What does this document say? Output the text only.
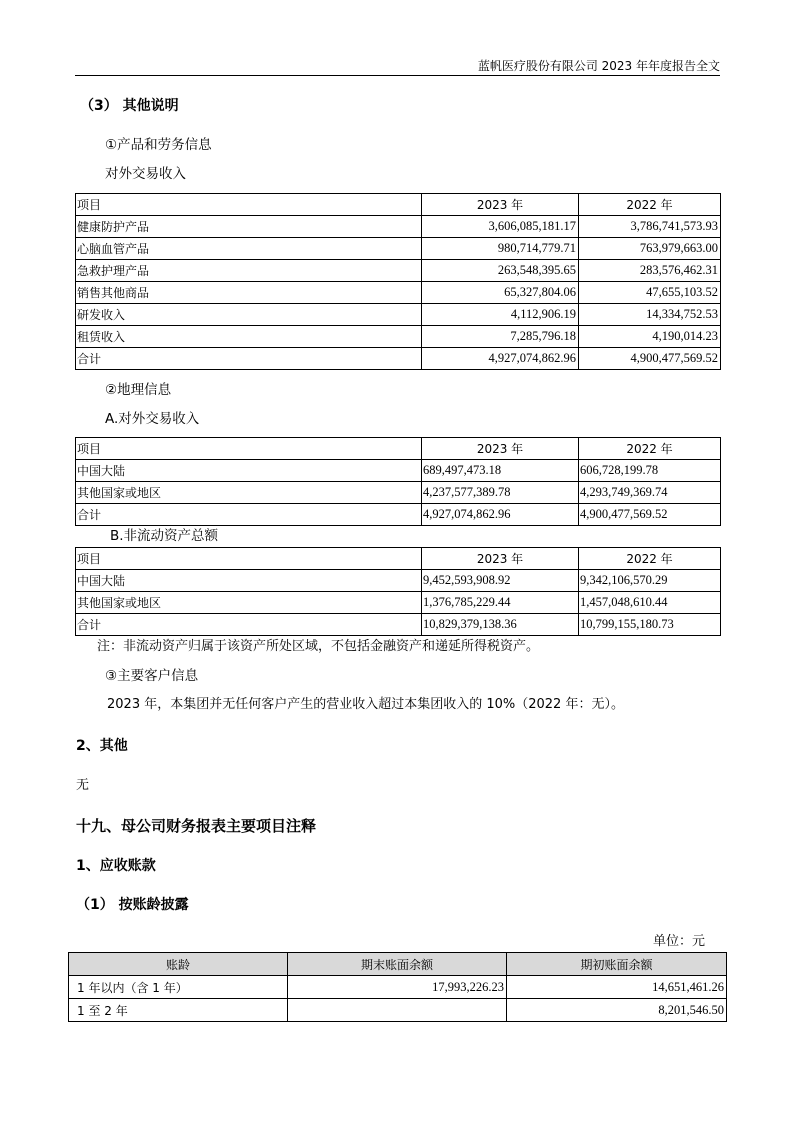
蓝帆医疗股份有限公司 2023 年年度报告全文
（3） 其他说明
①产品和劳务信息
对外交易收入
项目	2023 年	2022 年
健康防护产品	3,606,085,181.17	3,786,741,573.93
心脑血管产品	980,714,779.71	763,979,663.00
急救护理产品	263,548,395.65	283,576,462.31
销售其他商品	65,327,804.06	47,655,103.52
研发收入	4,112,906.19	14,334,752.53
租赁收入	7,285,796.18	4,190,014.23
合计	4,927,074,862.96	4,900,477,569.52
②地理信息
A.对外交易收入
项目	2023 年	2022 年
中国大陆	689,497,473.18	606,728,199.78
其他国家或地区	4,237,577,389.78	4,293,749,369.74
合计	4,927,074,862.96	4,900,477,569.52
B.非流动资产总额
项目	2023 年	2022 年
中国大陆	9,452,593,908.92	9,342,106,570.29
其他国家或地区	1,376,785,229.44	1,457,048,610.44
合计	10,829,379,138.36	10,799,155,180.73
注：非流动资产归属于该资产所处区域，不包括金融资产和递延所得税资产。
③主要客户信息
2023 年，本集团并无任何客户产生的营业收入超过本集团收入的 10%（2022 年：无）。
2、其他
无
十九、母公司财务报表主要项目注释
1、应收账款
（1） 按账龄披露
单位：元
账龄	期末账面余额	期初账面余额
1 年以内（含 1 年）	17,993,226.23	14,651,461.26
1 至 2 年		8,201,546.50
